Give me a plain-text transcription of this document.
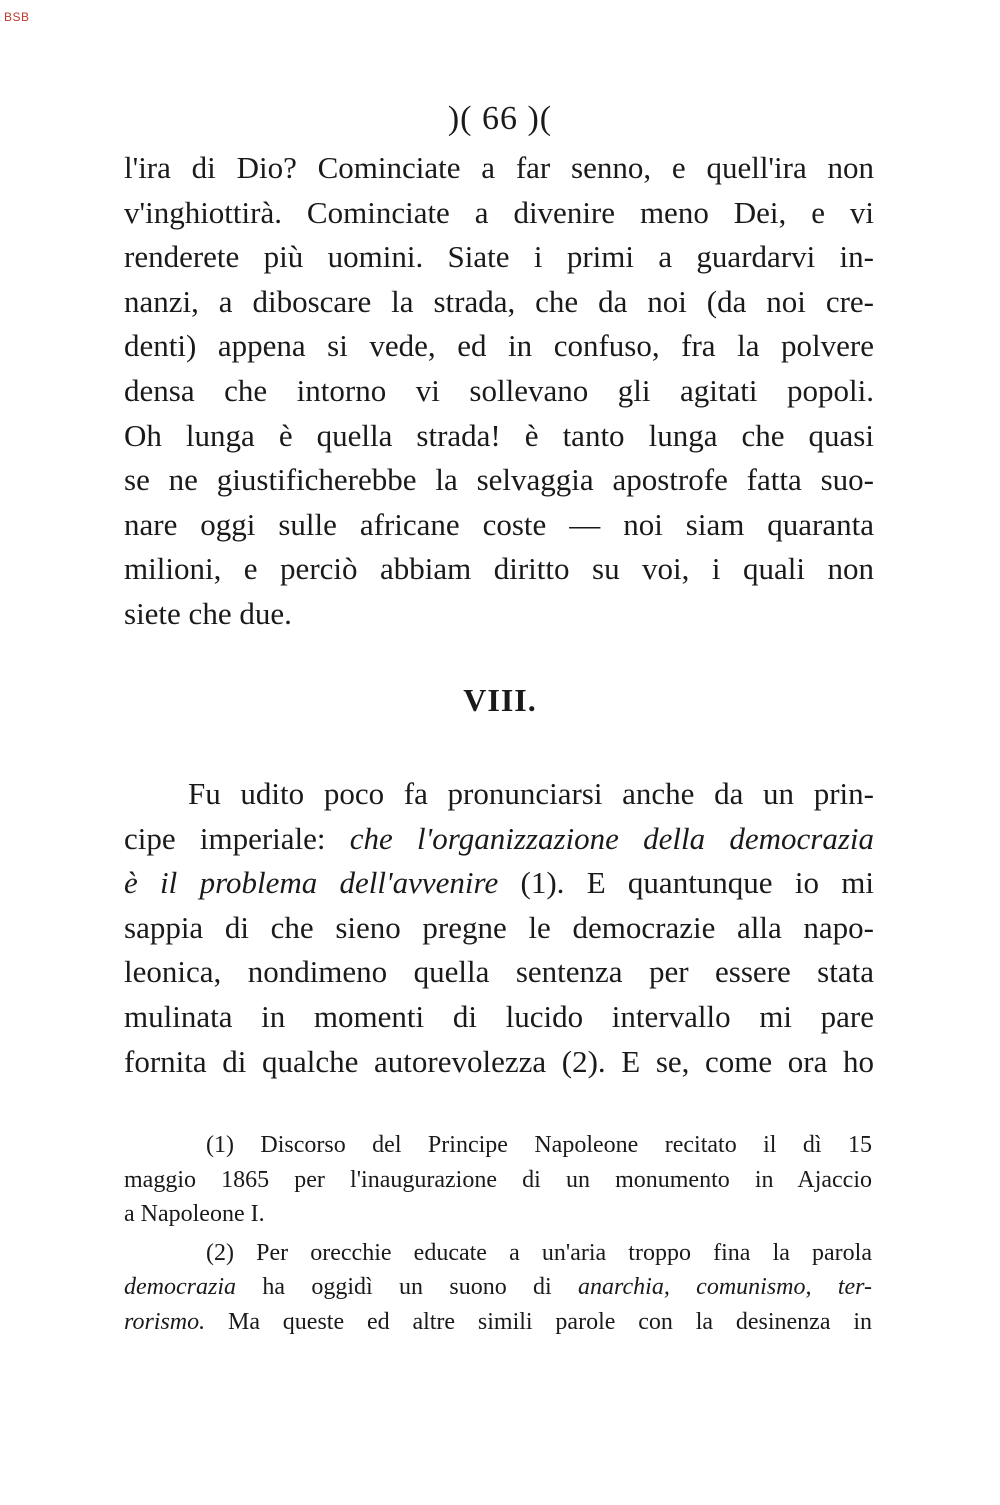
BSB
)( 66 )(
l'ira di Dio? Cominciate a far senno, e quell'ira non
v'inghiottirà. Cominciate a divenire meno Dei, e vi
renderete più uomini. Siate i primi a guardarvi in-
nanzi, a diboscare la strada, che da noi (da noi cre-
denti) appena si vede, ed in confuso, fra la polvere
densa che intorno vi sollevano gli agitati popoli.
Oh lunga è quella strada! è tanto lunga che quasi
se ne giustificherebbe la selvaggia apostrofe fatta suo-
nare oggi sulle africane coste — noi siam quaranta
milioni, e perciò abbiam diritto su voi, i quali non
siete che due.
VIII.
Fu udito poco fa pronunciarsi anche da un prin-
cipe imperiale: che l'organizzazione della democrazia
è il problema dell'avvenire (1). E quantunque io mi
sappia di che sieno pregne le democrazie alla napo-
leonica, nondimeno quella sentenza per essere stata
mulinata in momenti di lucido intervallo mi pare
fornita di qualche autorevolezza (2). E se, come ora ho
(1) Discorso del Principe Napoleone recitato il dì 15
maggio 1865 per l'inaugurazione di un monumento in Ajaccio
a Napoleone I.
(2) Per orecchie educate a un'aria troppo fina la parola
democrazia ha oggidì un suono di anarchia, comunismo, ter-
rorismo. Ma queste ed altre simili parole con la desinenza in
